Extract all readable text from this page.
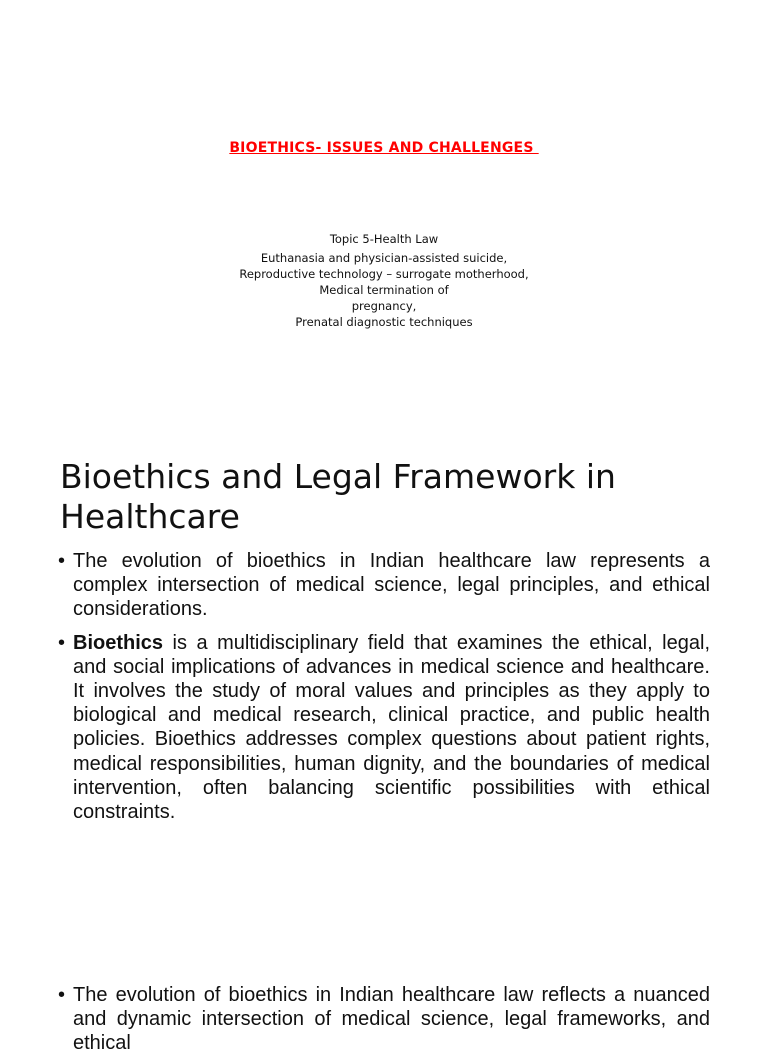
BIOETHICS- ISSUES AND CHALLENGES
Topic 5-Health Law
Euthanasia and physician-assisted suicide,
Reproductive technology – surrogate motherhood,
Medical termination of
pregnancy,
Prenatal diagnostic techniques
Bioethics and Legal Framework in Healthcare
• The evolution of bioethics in Indian healthcare law represents a complex intersection of medical science, legal principles, and ethical considerations.
• Bioethics is a multidisciplinary field that examines the ethical, legal, and social implications of advances in medical science and healthcare. It involves the study of moral values and principles as they apply to biological and medical research, clinical practice, and public health policies. Bioethics addresses complex questions about patient rights, medical responsibilities, human dignity, and the boundaries of medical intervention, often balancing scientific possibilities with ethical constraints.
• The evolution of bioethics in Indian healthcare law reflects a nuanced and dynamic intersection of medical science, legal frameworks, and ethical
